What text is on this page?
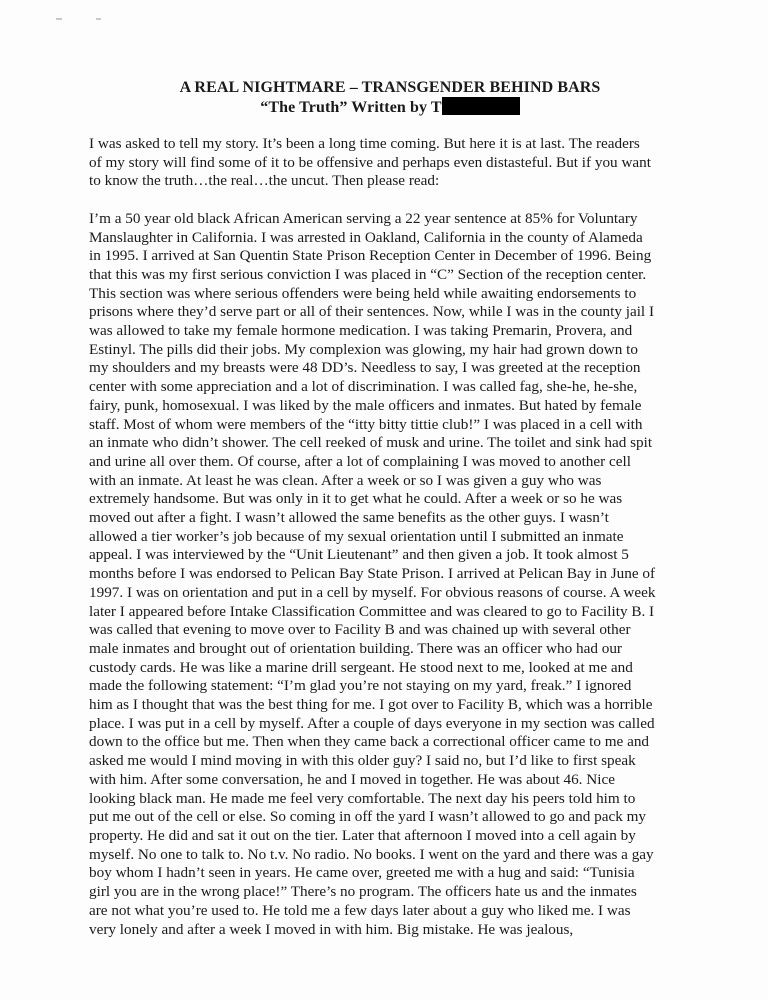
A REAL NIGHTMARE – TRANSGENDER BEHIND BARS
“The Truth” Written by T
I was asked to tell my story. It’s been a long time coming. But here it is at last. The readers
of my story will find some of it to be offensive and perhaps even distasteful. But if you want
to know the truth…the real…the uncut. Then please read:
I’m a 50 year old black African American serving a 22 year sentence at 85% for Voluntary
Manslaughter in California. I was arrested in Oakland, California in the county of Alameda
in 1995. I arrived at San Quentin State Prison Reception Center in December of 1996. Being
that this was my first serious conviction I was placed in “C” Section of the reception center.
This section was where serious offenders were being held while awaiting endorsements to
prisons where they’d serve part or all of their sentences. Now, while I was in the county jail I
was allowed to take my female hormone medication. I was taking Premarin, Provera, and
Estinyl. The pills did their jobs. My complexion was glowing, my hair had grown down to
my shoulders and my breasts were 48 DD’s. Needless to say, I was greeted at the reception
center with some appreciation and a lot of discrimination. I was called fag, she-he, he-she,
fairy, punk, homosexual. I was liked by the male officers and inmates. But hated by female
staff. Most of whom were members of the “itty bitty tittie club!” I was placed in a cell with
an inmate who didn’t shower. The cell reeked of musk and urine. The toilet and sink had spit
and urine all over them. Of course, after a lot of complaining I was moved to another cell
with an inmate. At least he was clean. After a week or so I was given a guy who was
extremely handsome. But was only in it to get what he could. After a week or so he was
moved out after a fight. I wasn’t allowed the same benefits as the other guys. I wasn’t
allowed a tier worker’s job because of my sexual orientation until I submitted an inmate
appeal. I was interviewed by the “Unit Lieutenant” and then given a job. It took almost 5
months before I was endorsed to Pelican Bay State Prison. I arrived at Pelican Bay in June of
1997. I was on orientation and put in a cell by myself. For obvious reasons of course. A week
later I appeared before Intake Classification Committee and was cleared to go to Facility B. I
was called that evening to move over to Facility B and was chained up with several other
male inmates and brought out of orientation building. There was an officer who had our
custody cards. He was like a marine drill sergeant. He stood next to me, looked at me and
made the following statement: “I’m glad you’re not staying on my yard, freak.” I ignored
him as I thought that was the best thing for me. I got over to Facility B, which was a horrible
place. I was put in a cell by myself. After a couple of days everyone in my section was called
down to the office but me. Then when they came back a correctional officer came to me and
asked me would I mind moving in with this older guy? I said no, but I’d like to first speak
with him. After some conversation, he and I moved in together. He was about 46. Nice
looking black man. He made me feel very comfortable. The next day his peers told him to
put me out of the cell or else. So coming in off the yard I wasn’t allowed to go and pack my
property. He did and sat it out on the tier. Later that afternoon I moved into a cell again by
myself. No one to talk to. No t.v. No radio. No books. I went on the yard and there was a gay
boy whom I hadn’t seen in years. He came over, greeted me with a hug and said: “Tunisia
girl you are in the wrong place!” There’s no program. The officers hate us and the inmates
are not what you’re used to. He told me a few days later about a guy who liked me. I was
very lonely and after a week I moved in with him. Big mistake. He was jealous,
